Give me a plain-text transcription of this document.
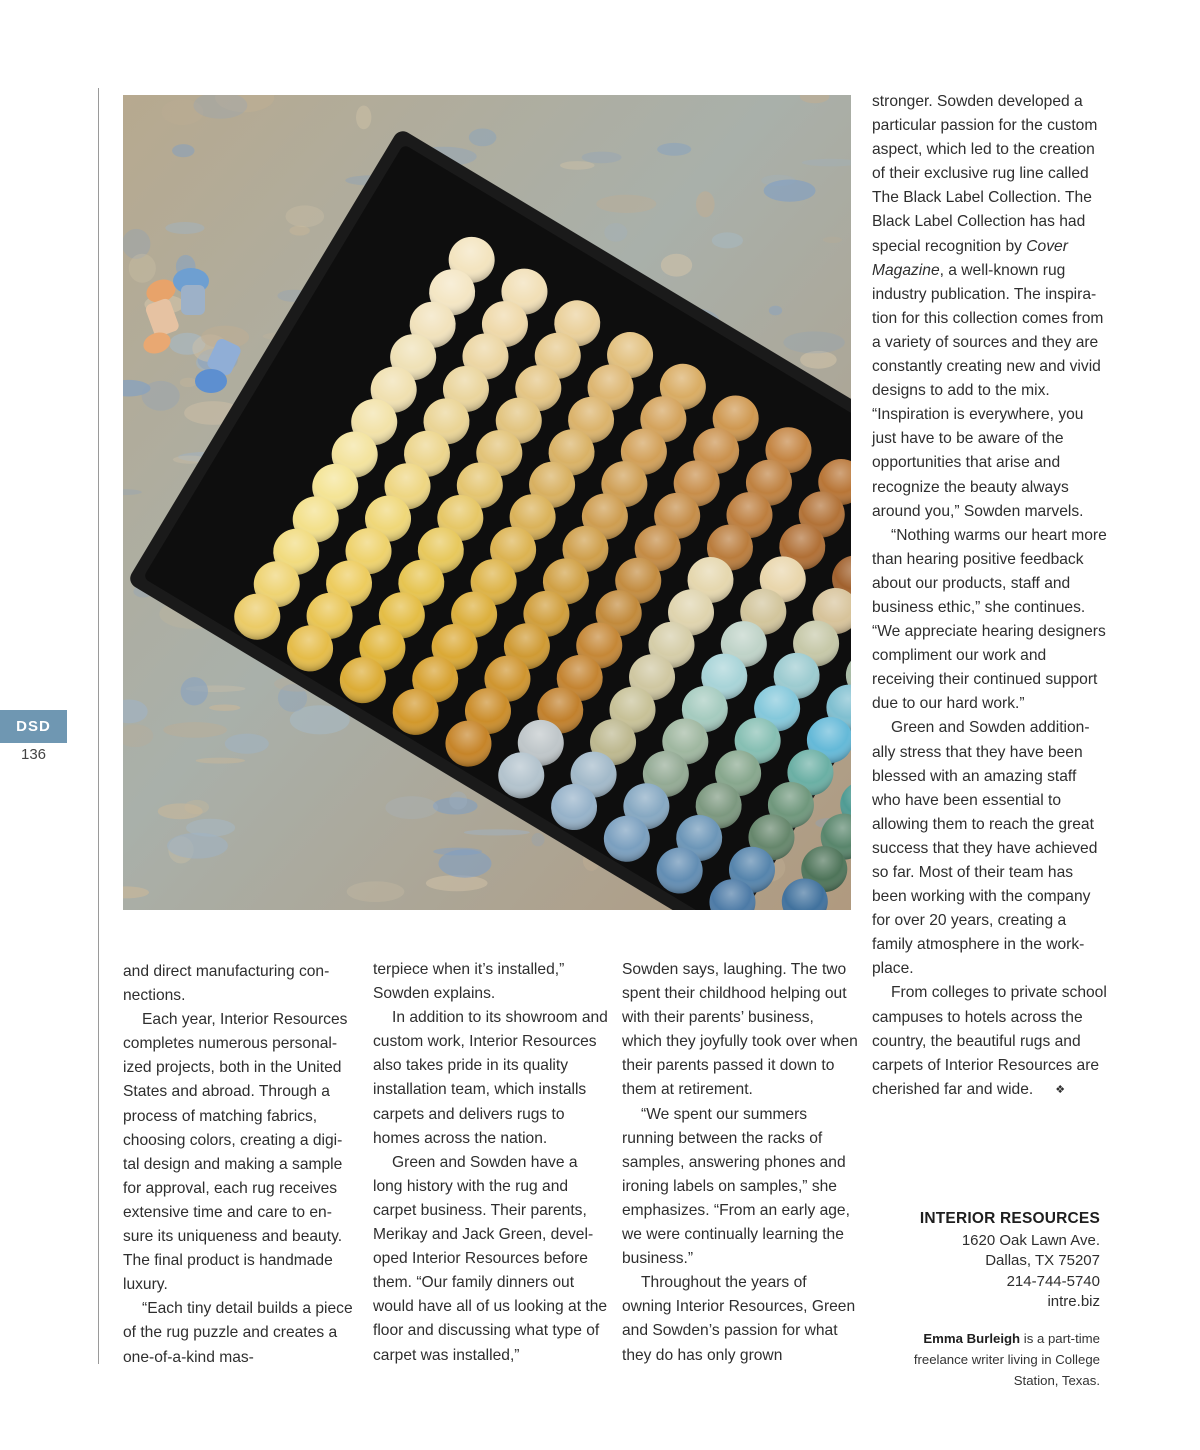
DSD
136

and direct manufacturing con- nections.

Each year, Interior Resources completes numerous personal- ized projects, both in the United States and abroad. Through a process of matching fabrics, choosing colors, creating a digi- tal design and making a sample for approval, each rug receives extensive time and care to en- sure its uniqueness and beauty. The final product is handmade luxury.

“Each tiny detail builds a piece of the rug puzzle and creates a one-of-a-kind mas-

terpiece when it’s installed,” Sowden explains.

In addition to its showroom and custom work, Interior Resources also takes pride in its quality installation team, which installs carpets and delivers rugs to homes across the nation.

Green and Sowden have a long history with the rug and carpet business. Their parents, Merikay and Jack Green, devel- oped Interior Resources before them. “Our family dinners out would have all of us looking at the floor and discussing what type of carpet was installed,”

Sowden says, laughing. The two spent their childhood helping out with their parents’ business, which they joyfully took over when their parents passed it down to them at retirement.

“We spent our summers running between the racks of samples, answering phones and ironing labels on samples,” she emphasizes. “From an early age, we were continually learning the business.”

Throughout the years of owning Interior Resources, Green and Sowden’s passion for what they do has only grown

stronger. Sowden developed a particular passion for the custom aspect, which led to the creation of their exclusive rug line called The Black Label Collection. The Black Label Collection has had special recognition by Cover Magazine, a well-known rug industry publication. The inspira- tion for this collection comes from a variety of sources and they are constantly creating new and vivid designs to add to the mix. “Inspiration is everywhere, you just have to be aware of the opportunities that arise and recognize the beauty always around you,” Sowden marvels.

“Nothing warms our heart more than hearing positive feedback about our products, staff and business ethic,” she continues. “We appreciate hearing designers compliment our work and receiving their continued support due to our hard work.”

Green and Sowden addition- ally stress that they have been blessed with an amazing staff who have been essential to allowing them to reach the great success that they have achieved so far. Most of their team has been working with the company for over 20 years, creating a family atmosphere in the work- place.

From colleges to private school campuses to hotels across the country, the beautiful rugs and carpets of Interior Resources are cherished far and wide. ❖

INTERIOR RESOURCES
1620 Oak Lawn Ave.
Dallas, TX 75207
214-744-5740
intre.biz
Emma Burleigh is a part-time freelance writer living in College Station, Texas.
